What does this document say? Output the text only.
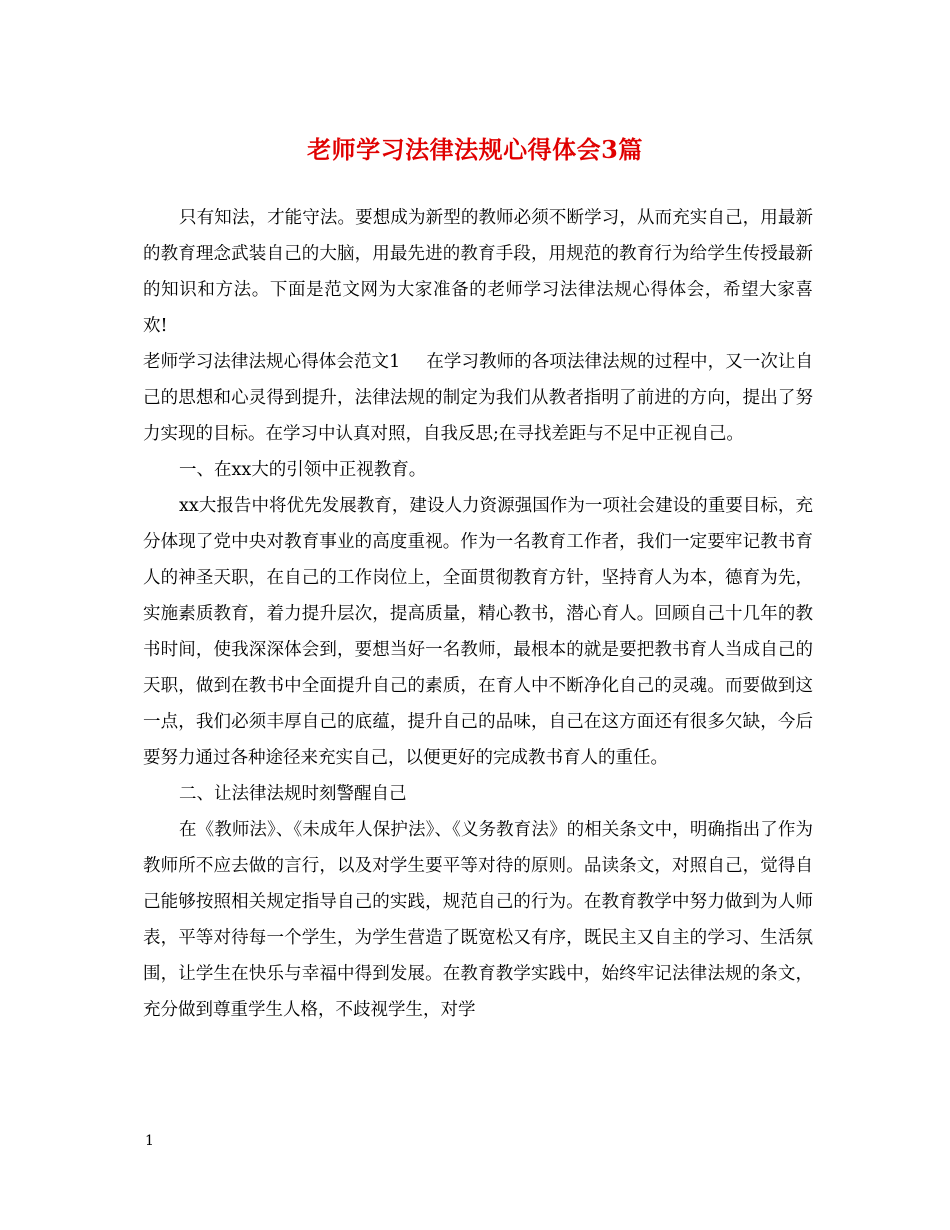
老师学习法律法规心得体会3篇

只有知法，才能守法。要想成为新型的教师必须不断学习，从而充实自己，用最新的教育理念武装自己的大脑，用最先进的教育手段，用规范的教育行为给学生传授最新的知识和方法。下面是范文网为大家准备的老师学习法律法规心得体会，希望大家喜欢!

老师学习法律法规心得体会范文1 在学习教师的各项法律法规的过程中，又一次让自己的思想和心灵得到提升，法律法规的制定为我们从教者指明了前进的方向，提出了努力实现的目标。在学习中认真对照，自我反思;在寻找差距与不足中正视自己。

一、在xx大的引领中正视教育。

xx大报告中将优先发展教育，建设人力资源强国作为一项社会建设的重要目标，充分体现了党中央对教育事业的高度重视。作为一名教育工作者，我们一定要牢记教书育人的神圣天职，在自己的工作岗位上，全面贯彻教育方针，坚持育人为本，德育为先，实施素质教育，着力提升层次，提高质量，精心教书，潜心育人。回顾自己十几年的教书时间，使我深深体会到，要想当好一名教师，最根本的就是要把教书育人当成自己的天职，做到在教书中全面提升自己的素质，在育人中不断净化自己的灵魂。而要做到这一点，我们必须丰厚自己的底蕴，提升自己的品味，自己在这方面还有很多欠缺，今后要努力通过各种途径来充实自己，以便更好的完成教书育人的重任。

二、让法律法规时刻警醒自己

在《教师法》、《未成年人保护法》、《义务教育法》的相关条文中，明确指出了作为教师所不应去做的言行，以及对学生要平等对待的原则。品读条文，对照自己，觉得自己能够按照相关规定指导自己的实践，规范自己的行为。在教育教学中努力做到为人师表，平等对待每一个学生，为学生营造了既宽松又有序，既民主又自主的学习、生活氛围，让学生在快乐与幸福中得到发展。在教育教学实践中，始终牢记法律法规的条文，充分做到尊重学生人格，不歧视学生，对学

1
